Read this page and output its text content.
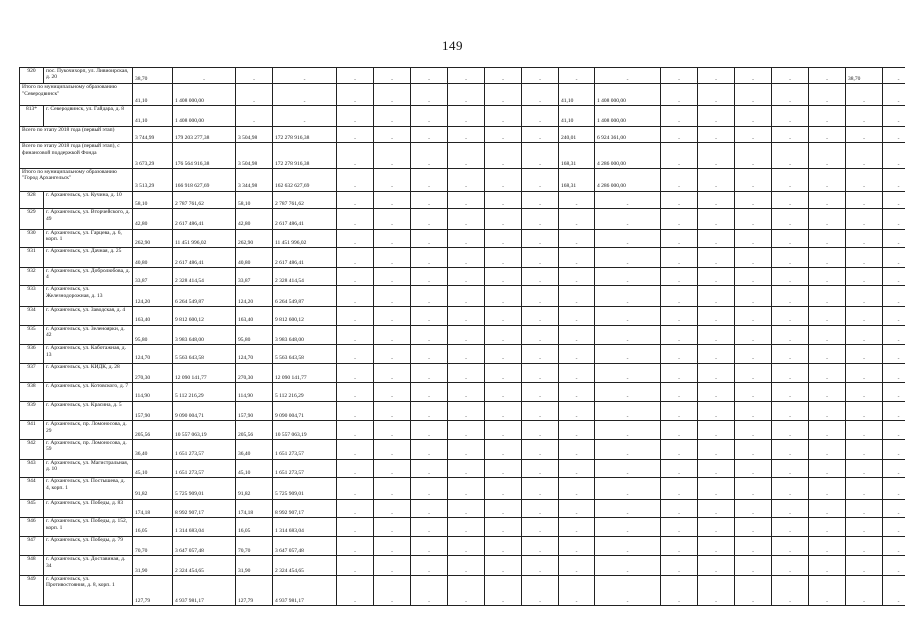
149
920	пос. Пукочихорп, ул. Ливиоирская, д. 20	38,70	-	-	-	-	-	-	-	-	-	-	-	-	-	-	-	-	38,70	-
Итого по муниципальному образованию "Северодвинск"		41,10	1 408 000,00	-	-	-	-	-	-	-	-	41,10	1 408 000,00	-	-	-	-	-	-	-
813*	г. Северодвинск, ул. Гайдара, д. 8	41,10	1 408 000,00	-	-	-	-	-	-	-	-	41,10	1 408 000,00	-	-	-	-	-	-	-
Всего по этапу 2018 года (первый этап)		3 744,99	179 203 277,38	3 504,98	172 278 916,38	-	-	-	-	-	-	240,01	6 924 361,00	-	-	-	-	-	-	-
Всего по этапу 2018 года (первый этап), с финансовой поддержкой Фонда		3 673,29	176 564 916,38	3 504,98	172 278 916,38	-	-	-	-	-	-	168,31	4 286 000,00	-	-	-	-	-	-	-
Итого по муниципальному образованию "Город Архангельск"		3 513,29	166 918 627,69	3 344,98	162 632 627,69	-	-	-	-	-	-	168,31	4 286 000,00	-	-	-	-	-	-	-
928	г. Архангельск, ул. Кучина, д. 10	58,10	2 787 761,62	58,10	2 787 761,62	-	-	-	-	-	-	-	-	-	-	-	-	-	-	-
929	г. Архангельск, ул. Вторчейского, д. 49	42,80	2 617 486,41	42,80	2 617 486,41	-	-	-	-	-	-	-	-	-	-	-	-	-	-	-
930	г. Архангельск, ул. Гарцева, д. 6, корп. 1	262,90	11 451 996,02	262,90	11 451 996,02	-	-	-	-	-	-	-	-	-	-	-	-	-	-	-
931	г. Архангельск, ул. Дачная, д. 25	40,80	2 617 486,41	40,80	2 617 486,41	-	-	-	-	-	-	-	-	-	-	-	-	-	-	-
932	г. Архангельск, ул. Добролюбова, д. 4	33,87	2 328 414,54	33,87	2 328 414,54	-	-	-	-	-	-	-	-	-	-	-	-	-	-	-
933	г. Архангельск, ул. Железнодорожная, д. 13	124,20	6 264 549,87	124,20	6 264 549,87	-	-	-	-	-	-	-	-	-	-	-	-	-	-	-
934	г. Архангельск, ул. Заводская, д. 4	163,40	9 812 600,12	163,40	9 812 600,12	-	-	-	-	-	-	-	-	-	-	-	-	-	-	-
935	г. Архангельск, ул. Зеленоярки, д. 42	95,80	3 983 648,00	95,80	3 983 648,00	-	-	-	-	-	-	-	-	-	-	-	-	-	-	-
936	г. Архангельск, ул. Каботажная, д. 13	124,70	5 563 643,58	124,70	5 563 643,58	-	-	-	-	-	-	-	-	-	-	-	-	-	-	-
937	г. Архангельск, ул. КИДК, д. 28	270,30	12 090 141,77	270,30	12 090 141,77	-	-	-	-	-	-	-	-	-	-	-	-	-	-	-
938	г. Архангельск, ул. Котовского, д. 7	114,90	5 112 216,29	114,90	5 112 216,29	-	-	-	-	-	-	-	-	-	-	-	-	-	-	-
939	г. Архангельск, ул. Красина, д. 5	157,90	9 090 004,71	157,90	9 090 004,71	-	-	-	-	-	-	-	-	-	-	-	-	-	-	-
941	г. Архангельск, пр. Ломоносова, д. 29	205,56	10 557 063,19	205,56	10 557 063,19	-	-	-	-	-	-	-	-	-	-	-	-	-	-	-
942	г. Архангельск, пр. Ломоносова, д. 59	36,40	1 651 273,57	36,40	1 651 273,57	-	-	-	-	-	-	-	-	-	-	-	-	-	-	-
943	г. Архангельск, ул. Магистральная, д. 10	45,10	1 651 273,57	45,10	1 651 273,57	-	-	-	-	-	-	-	-	-	-	-	-	-	-	-
944	г. Архангельск, ул. Постышева, д. 4, корп. 1	91,82	5 725 909,01	91,82	5 725 909,01	-	-	-	-	-	-	-	-	-	-	-	-	-	-	-
945	г. Архангельск, ул. Победы, д. 83	174,18	8 992 907,17	174,18	8 992 907,17	-	-	-	-	-	-	-	-	-	-	-	-	-	-	-
946	г. Архангельск, ул. Победы, д. 152, корп. 1	16,05	1 314 683,04	16,05	1 314 683,04	-	-	-	-	-	-	-	-	-	-	-	-	-	-	-
947	г. Архангельск, ул. Победы, д. 79	70,70	3 647 057,48	70,70	3 647 057,48	-	-	-	-	-	-	-	-	-	-	-	-	-	-	-
948	г. Архангельск, ул. Доставиная, д. 34	31,90	2 324 454,65	31,90	2 324 454,65	-	-	-	-	-	-	-	-	-	-	-	-	-	-	-
949	г. Архангельск, ул. Противостояния, д. 8, корп. 1	127,79	4 937 981,17	127,79	4 937 981,17	-	-	-	-	-	-	-	-	-	-	-	-	-	-	-
